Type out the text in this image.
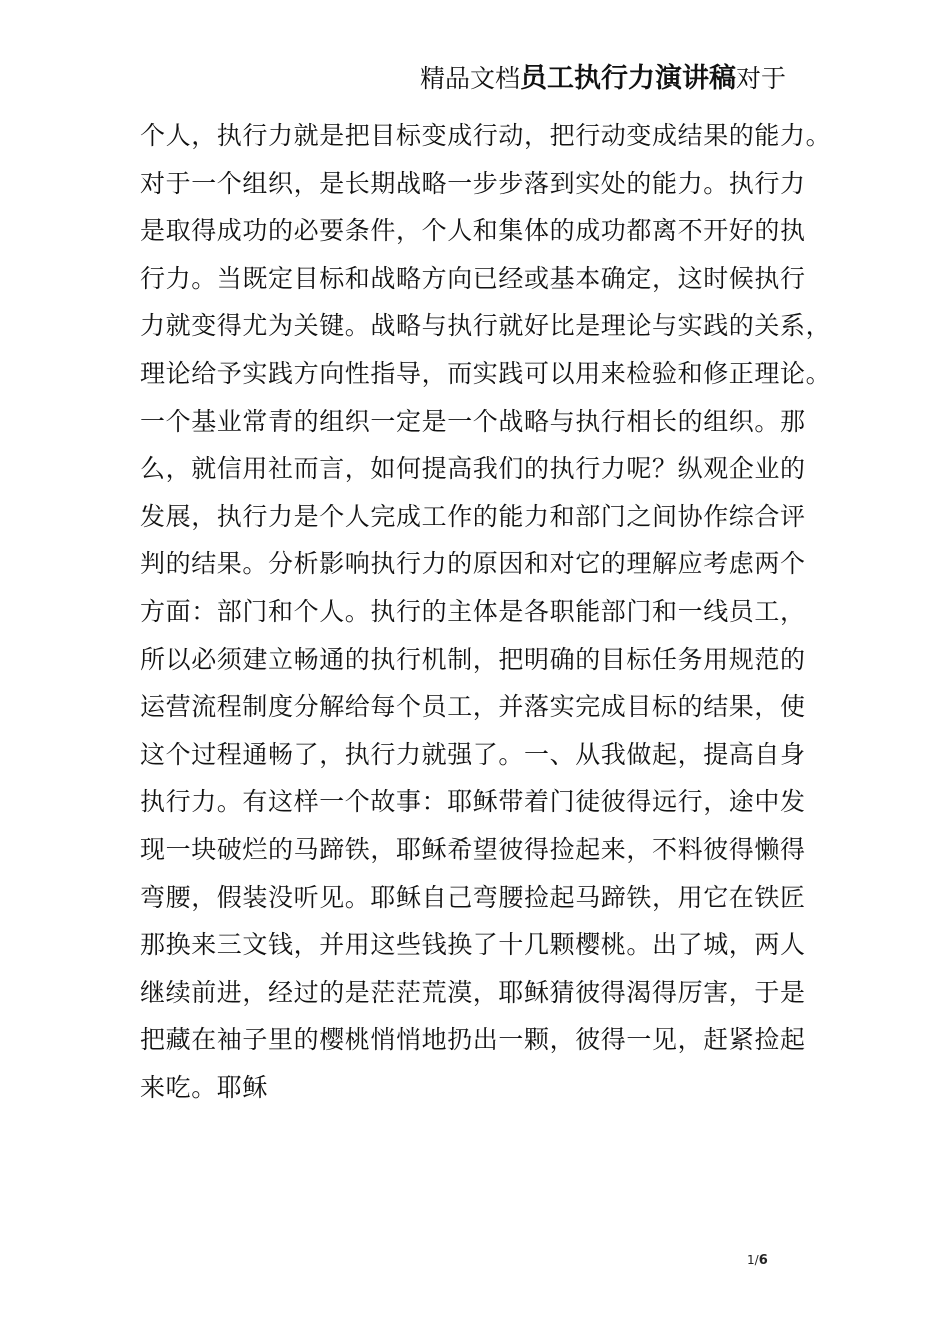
精品文档员工执行力演讲稿对于
个人，执行力就是把目标变成行动，把行动变成结果的能力。
对于一个组织，是长期战略一步步落到实处的能力。执行力
是取得成功的必要条件，个人和集体的成功都离不开好的执
行力。当既定目标和战略方向已经或基本确定，这时候执行
力就变得尤为关键。战略与执行就好比是理论与实践的关系，
理论给予实践方向性指导，而实践可以用来检验和修正理论。
一个基业常青的组织一定是一个战略与执行相长的组织。那
么，就信用社而言，如何提高我们的执行力呢？纵观企业的
发展，执行力是个人完成工作的能力和部门之间协作综合评
判的结果。分析影响执行力的原因和对它的理解应考虑两个
方面：部门和个人。执行的主体是各职能部门和一线员工，
所以必须建立畅通的执行机制，把明确的目标任务用规范的
运营流程制度分解给每个员工，并落实完成目标的结果，使
这个过程通畅了，执行力就强了。一、从我做起，提高自身
执行力。有这样一个故事：耶稣带着门徒彼得远行，途中发
现一块破烂的马蹄铁，耶稣希望彼得捡起来，不料彼得懒得
弯腰，假装没听见。耶稣自己弯腰捡起马蹄铁，用它在铁匠
那换来三文钱，并用这些钱换了十几颗樱桃。出了城，两人
继续前进，经过的是茫茫荒漠，耶稣猜彼得渴得厉害，于是
把藏在袖子里的樱桃悄悄地扔出一颗，彼得一见，赶紧捡起
来吃。耶稣
1/6
